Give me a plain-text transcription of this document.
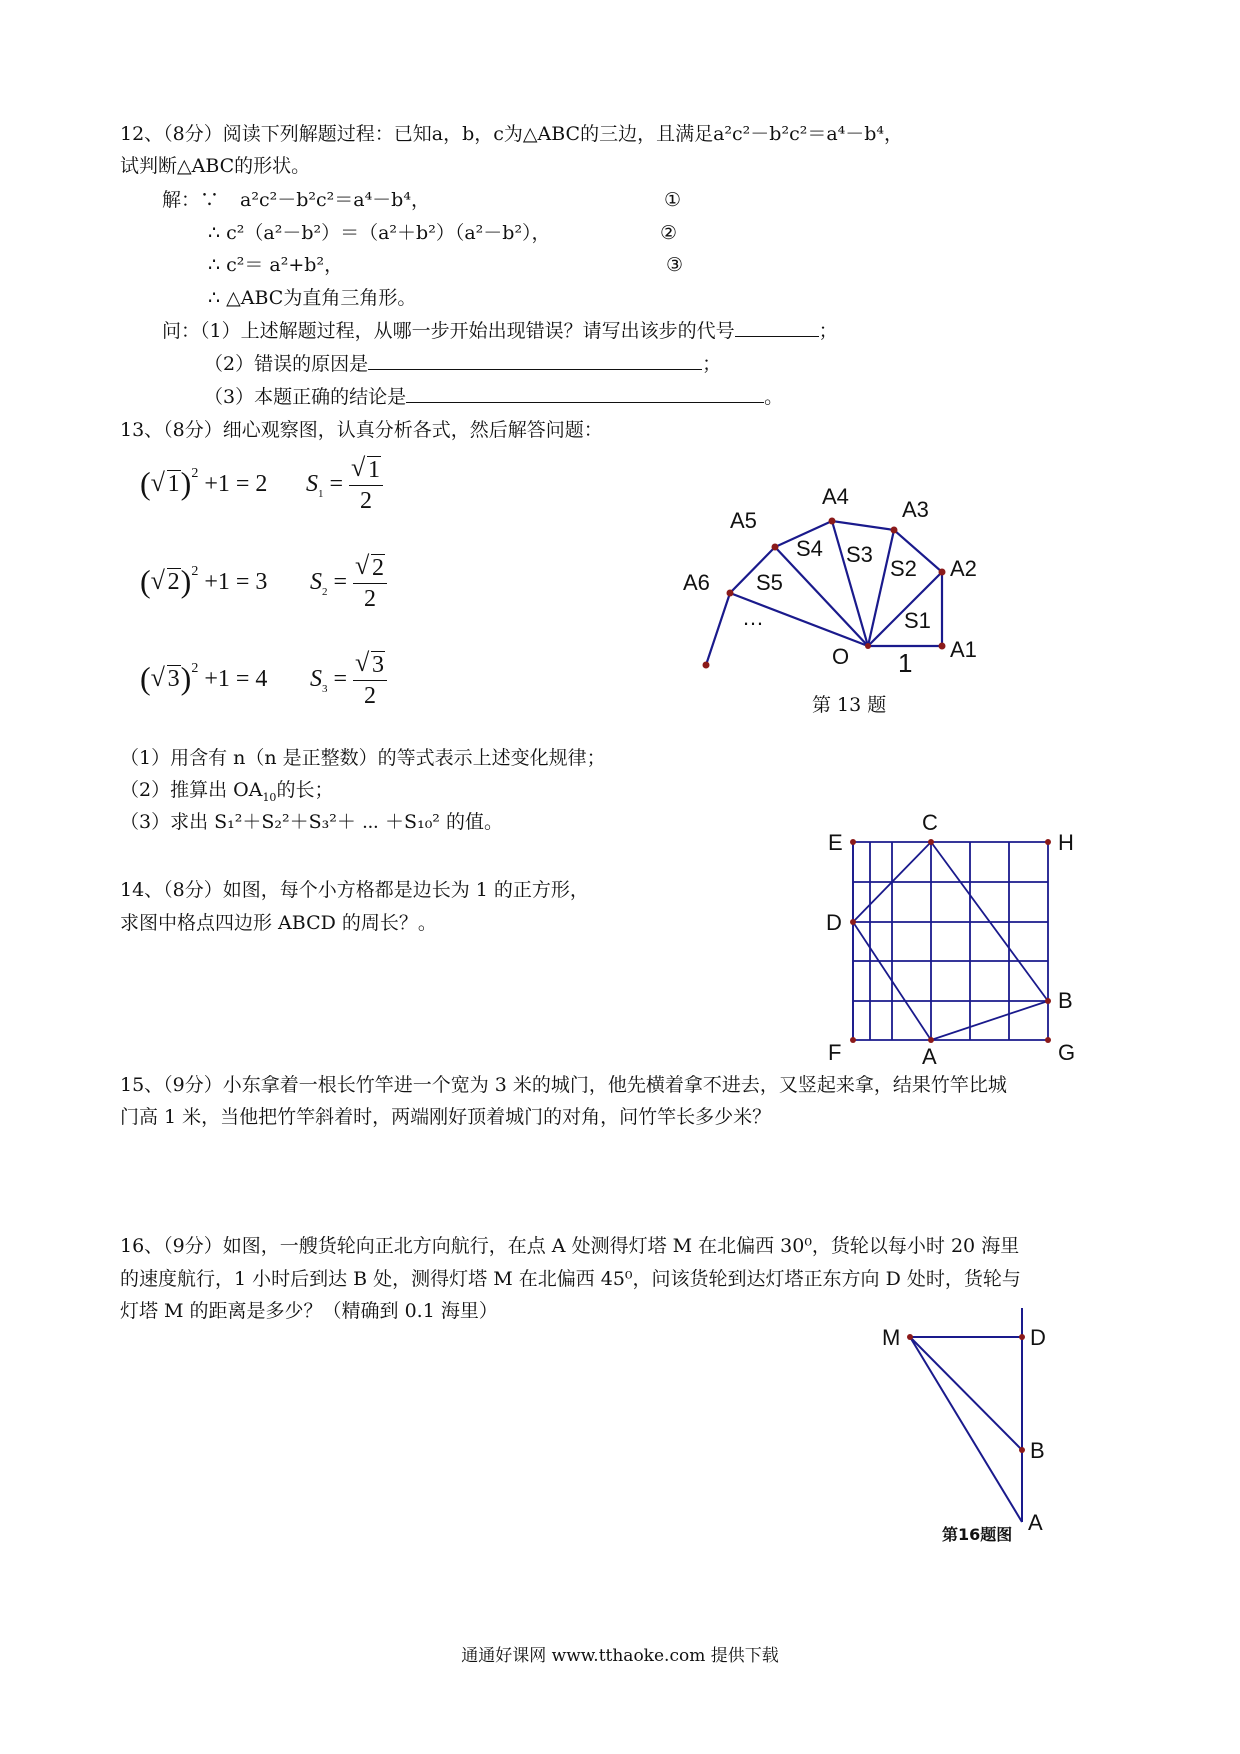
12、（8分）阅读下列解题过程：已知a，b，c为△ABC的三边，且满足a²c²－b²c²＝a⁴－b⁴，
试判断△ABC的形状。
解：∵ a²c²－b²c²＝a⁴－b⁴，	①
∴ c²（a²－b²）＝（a²＋b²）（a²－b²），	②
∴ c²＝ a²+b²，	③
∴ △ABC为直角三角形。
问：（1）上述解题过程，从哪一步开始出现错误？请写出该步的代号	；
（2）错误的原因是	；
（3）本题正确的结论是	。
13、（8分）细心观察图，认真分析各式，然后解答问题：
( √ 1)$^2$ +1 = 2 $S_1$ = √ $\frac{1}{2}$
( √ 2)$^2$ +1 = 3 $S_2$ = √ $\frac{2}{2}$
( √ 3)$^2$ +1 = 4 $S_3$ = √ $\frac{3}{2}$
A1
A2
A3
A4
A5
A6
S1
S2
S3
S4
S5
O 1
…
第 13 题
（1）用含有 n（n 是正整数）的等式表示上述变化规律；
（2）推算出 $OA_{10}$的长；
（3）求出 S₁²＋S₂²＋S₃²＋ ⋯ ＋S₁₀² 的值。
14、（8分）如图，每个小方格都是边长为 1 的正方形，
求图中格点四边形 ABCD 的周长？。
E
C
H
D
B
F	A	G
15、（9分）小东拿着一根长竹竿进一个宽为 3 米的城门，他先横着拿不进去，又竖起来拿，结果竹竿比城
门高 1 米，当他把竹竿斜着时，两端刚好顶着城门的对角，问竹竿长多少米？
16、（9分）如图，一艘货轮向正北方向航行，在点 A 处测得灯塔 M 在北偏西 30⁰，货轮以每小时 20 海里
的速度航行，1 小时后到达 B 处，测得灯塔 M 在北偏西 45⁰，问该货轮到达灯塔正东方向 D 处时，货轮与
灯塔 M 的距离是多少？（精确到 0.1 海里）
M	D
B
A
第16题图
通通好课网 www.tthaoke.com 提供下载
